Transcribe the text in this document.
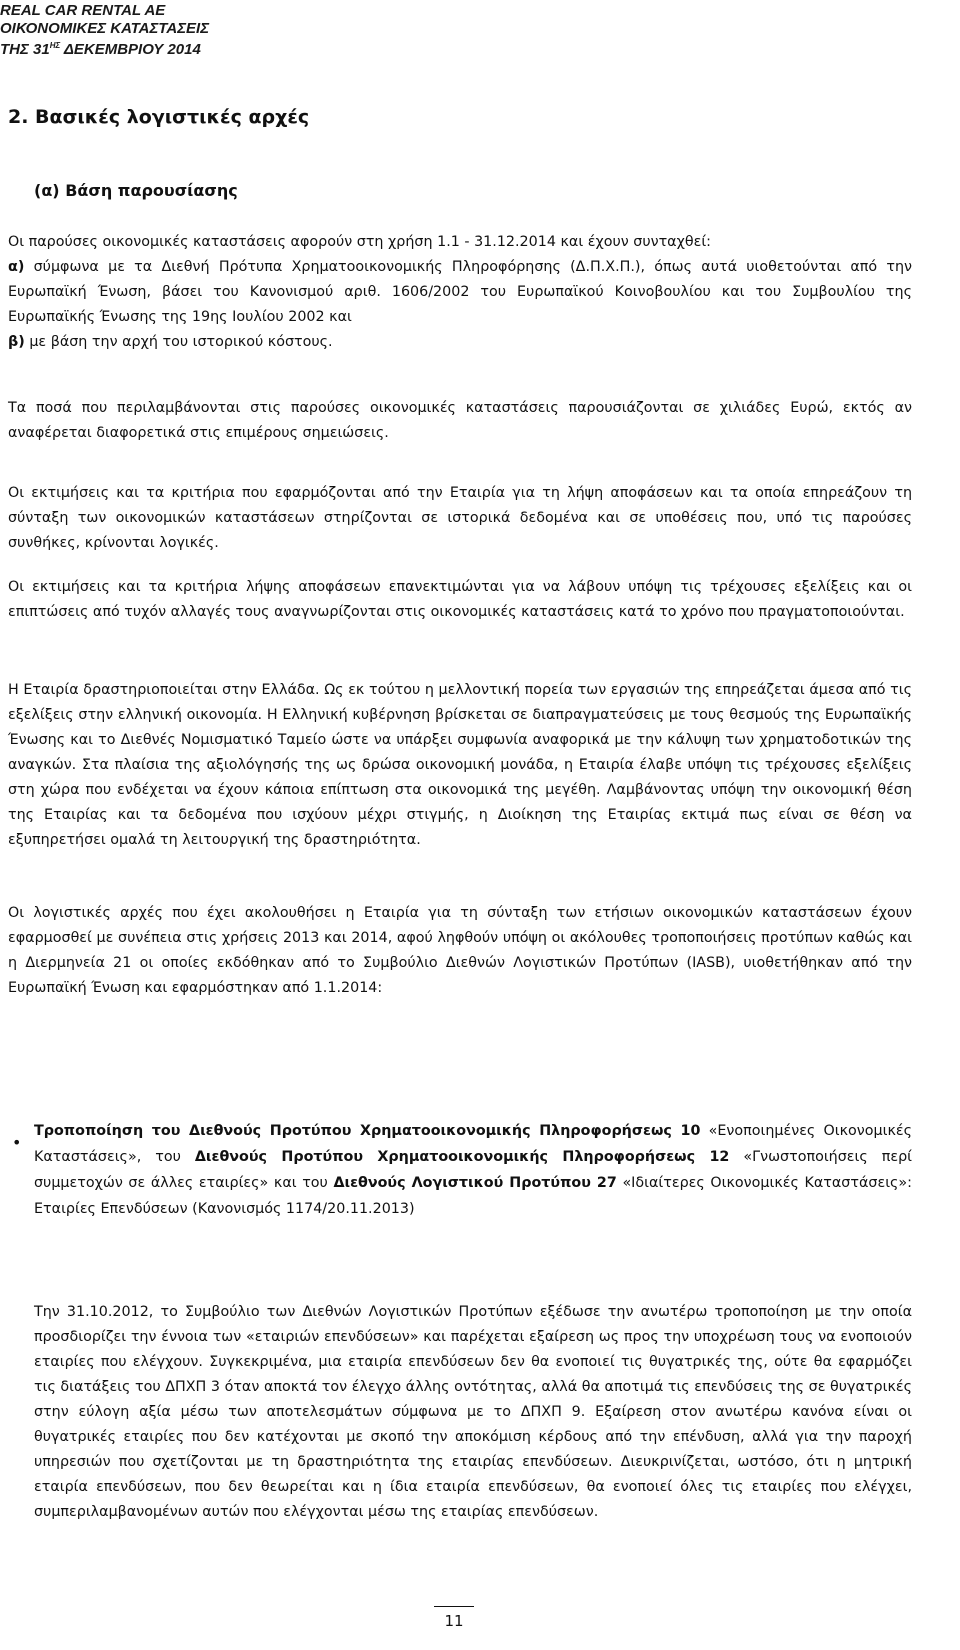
REAL CAR RENTAL AE
ΟΙΚΟΝΟΜΙΚΕΣ ΚΑΤΑΣΤΑΣΕΙΣ
ΤΗΣ $31^{H\Sigma}$ ΔΕΚΕΜΒΡΙΟΥ 2014
2. Βασικές λογιστικές αρχές
(α) Βάση παρουσίασης
Οι παρούσες οικονομικές καταστάσεις αφορούν στη χρήση 1.1 - 31.12.2014 και έχουν συνταχθεί:
α) σύμφωνα με τα Διεθνή Πρότυπα Χρηματοοικονομικής Πληροφόρησης (Δ.Π.Χ.Π.), όπως αυτά υιοθετούνται από την Ευρωπαϊκή Ένωση, βάσει του Κανονισμού αριθ. 1606/2002 του Ευρωπαϊκού Κοινοβουλίου και του Συμβουλίου της Ευρωπαϊκής Ένωσης της 19ης Ιουλίου 2002 και
β) με βάση την αρχή του ιστορικού κόστους.
Τα ποσά που περιλαμβάνονται στις παρούσες οικονομικές καταστάσεις παρουσιάζονται σε χιλιάδες Ευρώ, εκτός αν αναφέρεται διαφορετικά στις επιμέρους σημειώσεις.
Οι εκτιμήσεις και τα κριτήρια που εφαρμόζονται από την Εταιρία για τη λήψη αποφάσεων και τα οποία επηρεάζουν τη σύνταξη των οικονομικών καταστάσεων στηρίζονται σε ιστορικά δεδομένα και σε υποθέσεις που, υπό τις παρούσες συνθήκες, κρίνονται λογικές.
Οι εκτιμήσεις και τα κριτήρια λήψης αποφάσεων επανεκτιμώνται για να λάβουν υπόψη τις τρέχουσες εξελίξεις και οι επιπτώσεις από τυχόν αλλαγές τους αναγνωρίζονται στις οικονομικές καταστάσεις κατά το χρόνο που πραγματοποιούνται.
Η Εταιρία δραστηριοποιείται στην Ελλάδα. Ως εκ τούτου η μελλοντική πορεία των εργασιών της επηρεάζεται άμεσα από τις εξελίξεις στην ελληνική οικονομία. Η Ελληνική κυβέρνηση βρίσκεται σε διαπραγματεύσεις με τους θεσμούς της Ευρωπαϊκής Ένωσης και το Διεθνές Νομισματικό Ταμείο ώστε να υπάρξει συμφωνία αναφορικά με την κάλυψη των χρηματοδοτικών της αναγκών. Στα πλαίσια της αξιολόγησής της ως δρώσα οικονομική μονάδα, η Εταιρία έλαβε υπόψη τις τρέχουσες εξελίξεις στη χώρα που ενδέχεται να έχουν κάποια επίπτωση στα οικονομικά της μεγέθη. Λαμβάνοντας υπόψη την οικονομική θέση της Εταιρίας και τα δεδομένα που ισχύουν μέχρι στιγμής, η Διοίκηση της Εταιρίας εκτιμά πως είναι σε θέση να εξυπηρετήσει ομαλά τη λειτουργική της δραστηριότητα.
Οι λογιστικές αρχές που έχει ακολουθήσει η Εταιρία για τη σύνταξη των ετήσιων οικονομικών καταστάσεων έχουν εφαρμοσθεί με συνέπεια στις χρήσεις 2013 και 2014, αφού ληφθούν υπόψη οι ακόλουθες τροποποιήσεις προτύπων καθώς και η Διερμηνεία 21 οι οποίες εκδόθηκαν από το Συμβούλιο Διεθνών Λογιστικών Προτύπων (IASB), υιοθετήθηκαν από την Ευρωπαϊκή Ένωση και εφαρμόστηκαν από 1.1.2014:
•
Τροποποίηση του Διεθνούς Προτύπου Χρηματοοικονομικής Πληροφορήσεως 10 «Ενοποιημένες Οικονομικές Καταστάσεις», του Διεθνούς Προτύπου Χρηματοοικονομικής Πληροφορήσεως 12 «Γνωστοποιήσεις περί συμμετοχών σε άλλες εταιρίες» και του Διεθνούς Λογιστικού Προτύπου 27 «Ιδιαίτερες Οικονομικές Καταστάσεις»: Εταιρίες Επενδύσεων (Κανονισμός 1174/20.11.2013)
Την 31.10.2012, το Συμβούλιο των Διεθνών Λογιστικών Προτύπων εξέδωσε την ανωτέρω τροποποίηση με την οποία προσδιορίζει την έννοια των «εταιριών επενδύσεων» και παρέχεται εξαίρεση ως προς την υποχρέωση τους να ενοποιούν εταιρίες που ελέγχουν. Συγκεκριμένα, μια εταιρία επενδύσεων δεν θα ενοποιεί τις θυγατρικές της, ούτε θα εφαρμόζει τις διατάξεις του ΔΠΧΠ 3 όταν αποκτά τον έλεγχο άλλης οντότητας, αλλά θα αποτιμά τις επενδύσεις της σε θυγατρικές στην εύλογη αξία μέσω των αποτελεσμάτων σύμφωνα με το ΔΠΧΠ 9. Εξαίρεση στον ανωτέρω κανόνα είναι οι θυγατρικές εταιρίες που δεν κατέχονται με σκοπό την αποκόμιση κέρδους από την επένδυση, αλλά για την παροχή υπηρεσιών που σχετίζονται με τη δραστηριότητα της εταιρίας επενδύσεων. Διευκρινίζεται, ωστόσο, ότι η μητρική εταιρία επενδύσεων, που δεν θεωρείται και η ίδια εταιρία επενδύσεων, θα ενοποιεί όλες τις εταιρίες που ελέγχει, συμπεριλαμβανομένων αυτών που ελέγχονται μέσω της εταιρίας επενδύσεων.
11
